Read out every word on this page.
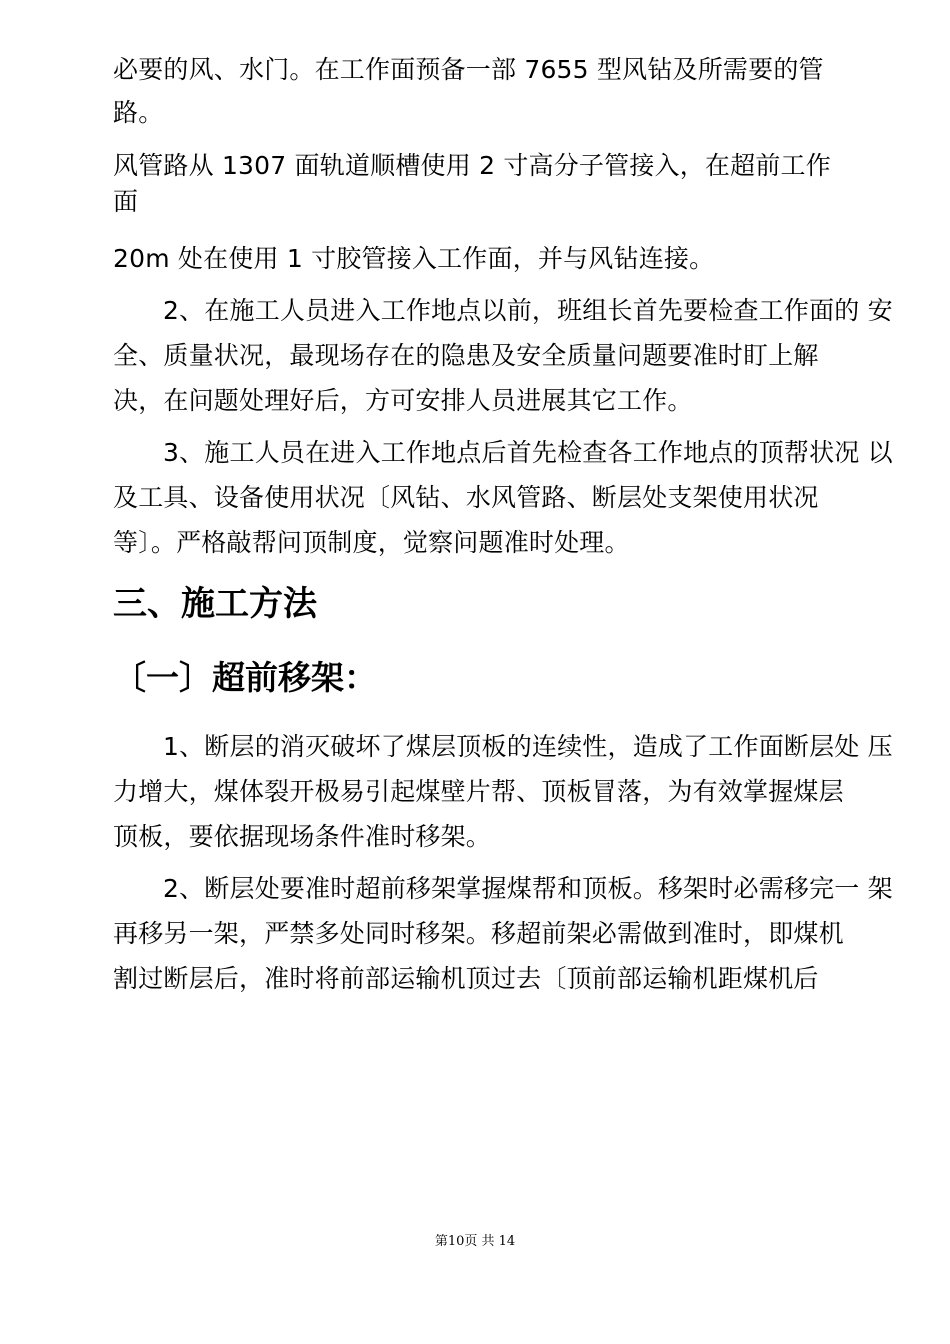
必要的风、水门。在工作面预备一部 7655 型风钻及所需要的管
路。
风管路从 1307 面轨道顺槽使用 2 寸高分子管接入，在超前工作
面
20m 处在使用 1 寸胶管接入工作面，并与风钻连接。
2、在施工人员进入工作地点以前，班组长首先要检查工作面的 安
全、质量状况，最现场存在的隐患及安全质量问题要准时盯上解
决，在问题处理好后，方可安排人员进展其它工作。
3、施工人员在进入工作地点后首先检查各工作地点的顶帮状况 以
及工具、设备使用状况〔风钻、水风管路、断层处支架使用状况
等〕。严格敲帮问顶制度，觉察问题准时处理。
三、施工方法
〔一〕超前移架：
1、断层的消灭破坏了煤层顶板的连续性，造成了工作面断层处 压
力增大，煤体裂开极易引起煤壁片帮、顶板冒落，为有效掌握煤层
顶板，要依据现场条件准时移架。
2、断层处要准时超前移架掌握煤帮和顶板。移架时必需移完一 架
再移另一架，严禁多处同时移架。移超前架必需做到准时，即煤机
割过断层后，准时将前部运输机顶过去〔顶前部运输机距煤机后
第10页 共 14
